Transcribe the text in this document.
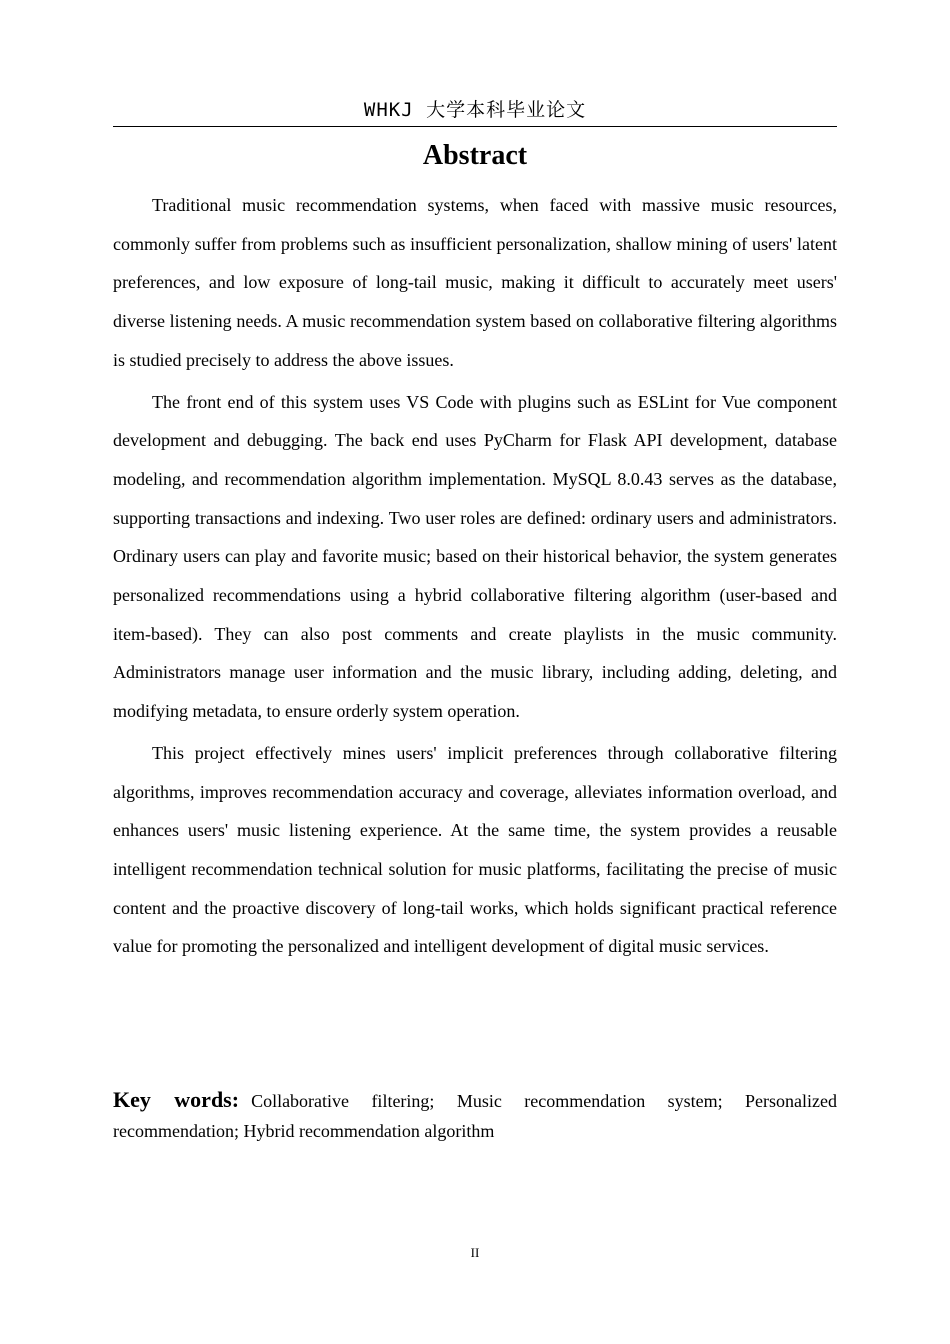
WHKJ 大学本科毕业论文
Abstract

Traditional music recommendation systems, when faced with massive music resources, commonly suffer from problems such as insufficient personalization, shallow mining of users' latent preferences, and low exposure of long-tail music, making it difficult to accurately meet users' diverse listening needs. A music recommendation system based on collaborative filtering algorithms is studied precisely to address the above issues.

The front end of this system uses VS Code with plugins such as ESLint for Vue component development and debugging. The back end uses PyCharm for Flask API development, database modeling, and recommendation algorithm implementation. MySQL 8.0.43 serves as the database, supporting transactions and indexing. Two user roles are defined: ordinary users and administrators. Ordinary users can play and favorite music; based on their historical behavior, the system generates personalized recommendations using a hybrid collaborative filtering algorithm (user-based and item-based). They can also post comments and create playlists in the music community. Administrators manage user information and the music library, including adding, deleting, and modifying metadata, to ensure orderly system operation.

This project effectively mines users' implicit preferences through collaborative filtering algorithms, improves recommendation accuracy and coverage, alleviates information overload, and enhances users' music listening experience. At the same time, the system provides a reusable intelligent recommendation technical solution for music platforms, facilitating the precise of music content and the proactive discovery of long-tail works, which holds significant practical reference value for promoting the personalized and intelligent development of digital music services.

Key words: Collaborative filtering; Music recommendation system; Personalized recommendation; Hybrid recommendation algorithm

II
